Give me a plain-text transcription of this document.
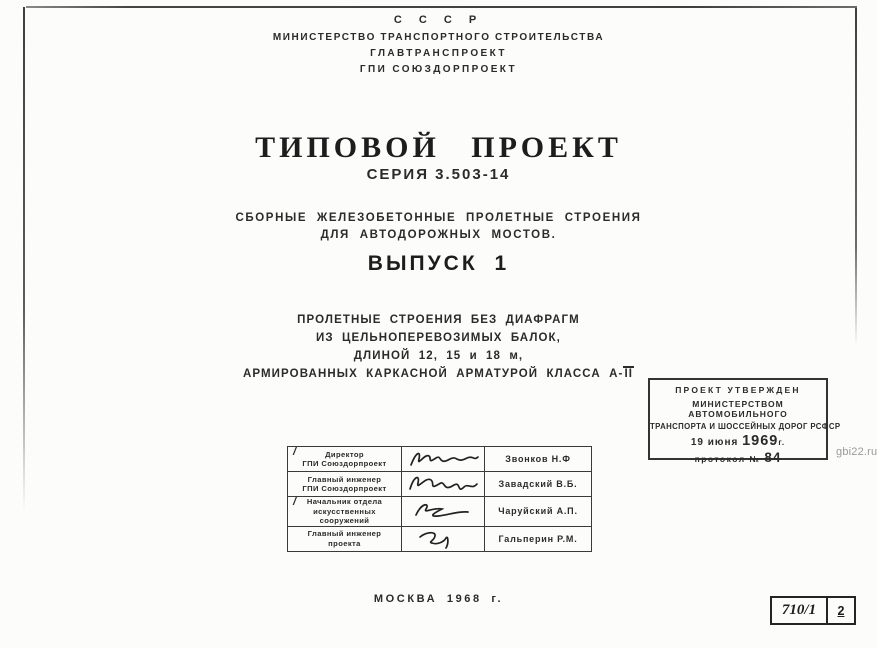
С С С Р
МИНИСТЕРСТВО ТРАНСПОРТНОГО СТРОИТЕЛЬСТВА
ГЛАВТРАНСПРОЕКТ
ГПИ СОЮЗДОРПРОЕКТ
ТИПОВОЙ ПРОЕКТ
СЕРИЯ 3.503-14
СБОРНЫЕ ЖЕЛЕЗОБЕТОННЫЕ ПРОЛЕТНЫЕ СТРОЕНИЯ
ДЛЯ АВТОДОРОЖНЫХ МОСТОВ.
ВЫПУСК 1
ПРОЛЕТНЫЕ СТРОЕНИЯ БЕЗ ДИАФРАГМ
ИЗ ЦЕЛЬНОПЕРЕВОЗИМЫХ БАЛОК,
ДЛИНОЙ 12, 15 и 18 м,
АРМИРОВАННЫХ КАРКАСНОЙ АРМАТУРОЙ КЛАССА А-II
ПРОЕКТ УТВЕРЖДЕН
МИНИСТЕРСТВОМ АВТОМОБИЛЬНОГО
ТРАНСПОРТА И ШОССЕЙНЫХ ДОРОГ РСФСР
19 июня 1969г.
протокол № 84
/ Директор
ГПИ Союздорпроект		Звонков Н.Ф

Главный инженер
ГПИ Союздорпроект		Завадский В.Б.

/ Начальник отдела
искусственных сооружений		Чаруйский А.П.

Главный инженер
проекта		Гальперин Р.М.
МОСКВА 1968 г.
710/1	2
gbi22.ru
